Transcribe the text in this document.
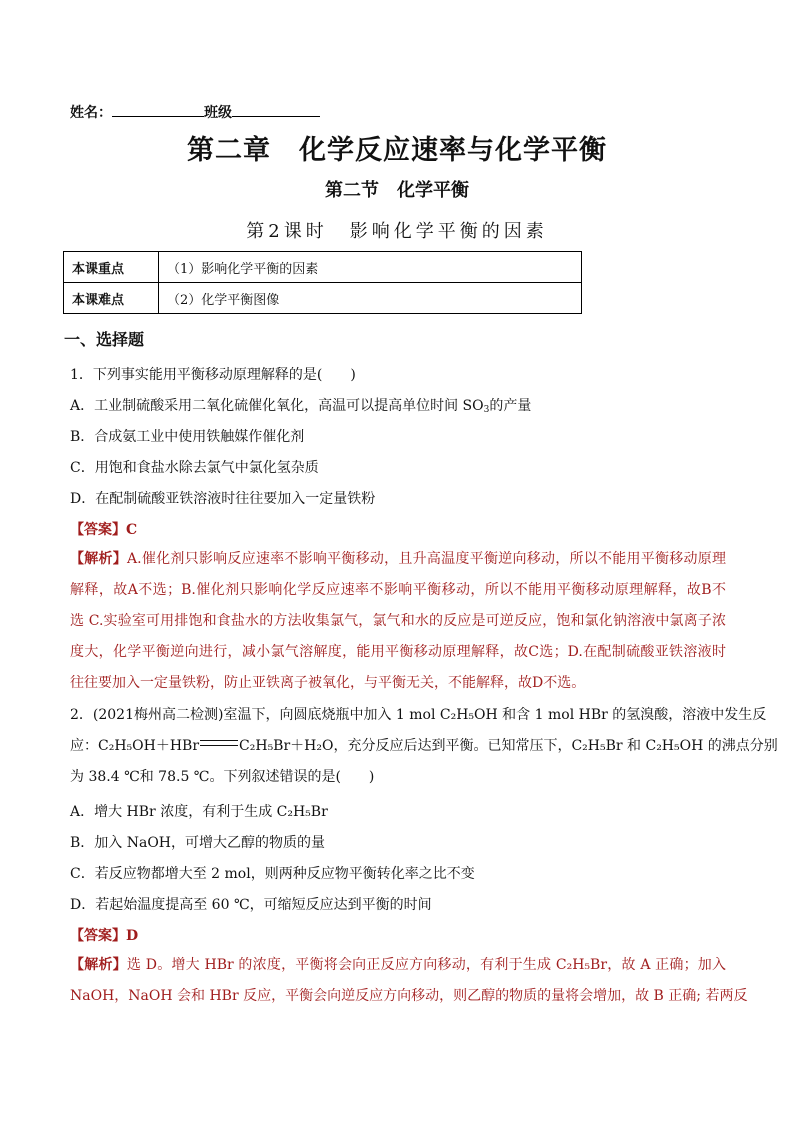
姓名：	班级
第二章　化学反应速率与化学平衡
第二节　化学平衡
第2课时　影响化学平衡的因素
本课重点	（1）影响化学平衡的因素
本课难点	（2）化学平衡图像
一、选择题
1．下列事实能用平衡移动原理解释的是(　　)
A．工业制硫酸采用二氧化硫催化氧化，高温可以提高单位时间 $SO_3$的产量
B．合成氨工业中使用铁触媒作催化剂
C．用饱和食盐水除去氯气中氯化氢杂质
D．在配制硫酸亚铁溶液时往往要加入一定量铁粉
【答案】C
【解析】A.催化剂只影响反应速率不影响平衡移动，且升高温度平衡逆向移动，所以不能用平衡移动原理
解释，故A不选；B.催化剂只影响化学反应速率不影响平衡移动，所以不能用平衡移动原理解释，故B不
选 C.实验室可用排饱和食盐水的方法收集氯气，氯气和水的反应是可逆反应，饱和氯化钠溶液中氯离子浓
度大，化学平衡逆向进行，减小氯气溶解度，能用平衡移动原理解释，故C选；D.在配制硫酸亚铁溶液时
往往要加入一定量铁粉，防止亚铁离子被氧化，与平衡无关，不能解释，故D不选。
2．(2021梅州高二检测)室温下，向圆底烧瓶中加入 1 mol C₂H₅OH 和含 1 mol HBr 的氢溴酸，溶液中发生反
应：C₂H₅OH＋HBr	C₂H₅Br＋H₂O，充分反应后达到平衡。已知常压下，C₂H₅Br 和 C₂H₅OH 的沸点分别
为 38.4 ℃和 78.5 ℃。下列叙述错误的是(　　)
A．增大 HBr 浓度，有利于生成 C₂H₅Br
B．加入 NaOH，可增大乙醇的物质的量
C．若反应物都增大至 2 mol，则两种反应物平衡转化率之比不变
D．若起始温度提高至 60 ℃，可缩短反应达到平衡的时间
【答案】D
【解析】选 D。增大 HBr 的浓度，平衡将会向正反应方向移动，有利于生成 C₂H₅Br，故 A 正确；加入
NaOH，NaOH 会和 HBr 反应，平衡会向逆反应方向移动，则乙醇的物质的量将会增加，故 B 正确; 若两反
